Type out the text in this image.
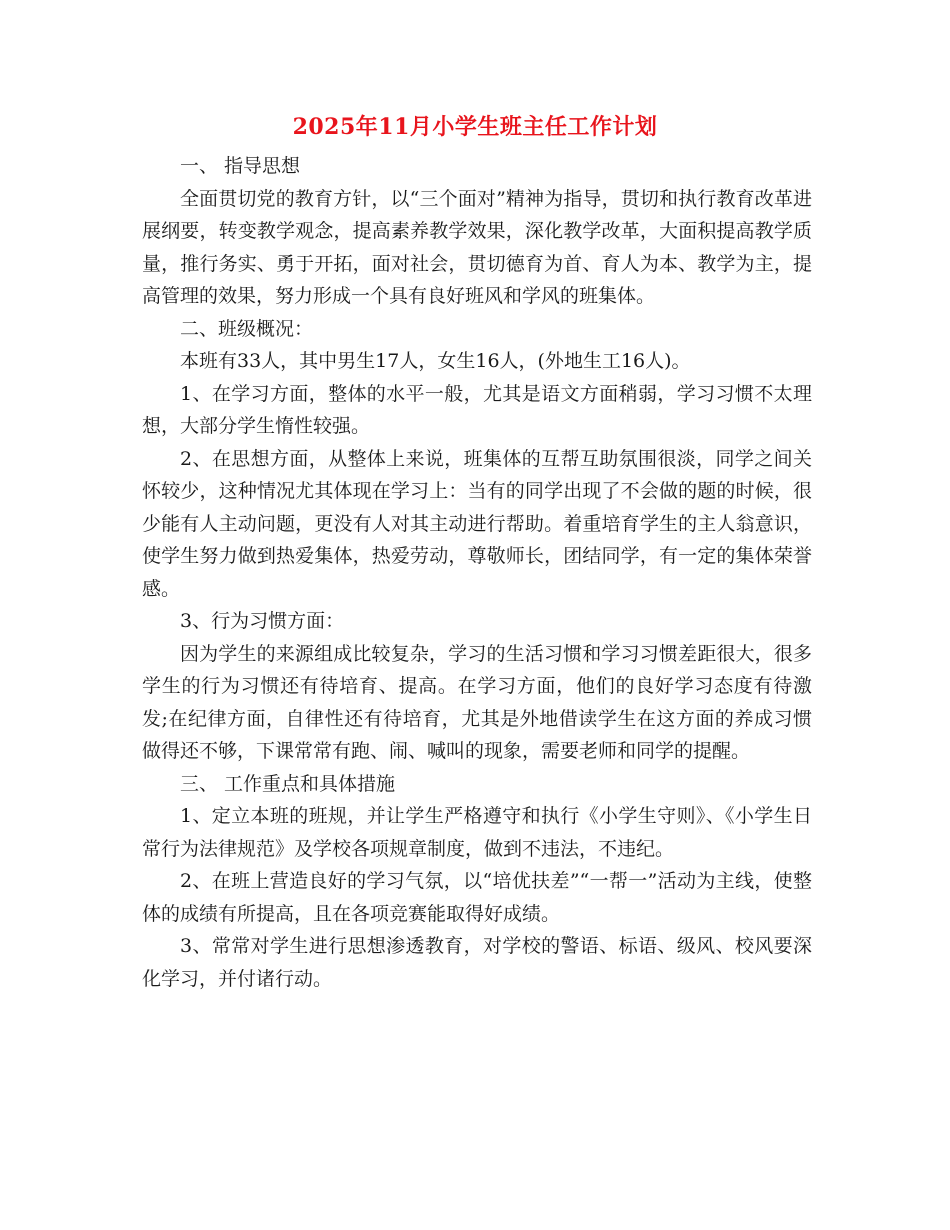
2025年11月小学生班主任工作计划

一、 指导思想

全面贯切党的教育方针，以“三个面对”精神为指导，贯切和执行教育改革进展纲要，转变教学观念，提高素养教学效果，深化教学改革，大面积提高教学质量，推行务实、勇于开拓，面对社会，贯切德育为首、育人为本、教学为主，提高管理的效果，努力形成一个具有良好班风和学风的班集体。

二、班级概况：

本班有33人，其中男生17人，女生16人，(外地生工16人)。

1、在学习方面，整体的水平一般，尤其是语文方面稍弱，学习习惯不太理想，大部分学生惰性较强。

2、在思想方面，从整体上来说，班集体的互帮互助氛围很淡，同学之间关怀较少，这种情况尤其体现在学习上：当有的同学出现了不会做的题的时候，很少能有人主动问题，更没有人对其主动进行帮助。着重培育学生的主人翁意识，使学生努力做到热爱集体，热爱劳动，尊敬师长，团结同学，有一定的集体荣誉感。

3、行为习惯方面：

因为学生的来源组成比较复杂，学习的生活习惯和学习习惯差距很大，很多学生的行为习惯还有待培育、提高。在学习方面，他们的良好学习态度有待激发;在纪律方面，自律性还有待培育，尤其是外地借读学生在这方面的养成习惯做得还不够，下课常常有跑、闹、喊叫的现象，需要老师和同学的提醒。

三、 工作重点和具体措施

1、定立本班的班规，并让学生严格遵守和执行《小学生守则》、《小学生日常行为法律规范》及学校各项规章制度，做到不违法，不违纪。

2、在班上营造良好的学习气氛，以“培优扶差”“一帮一”活动为主线，使整体的成绩有所提高，且在各项竞赛能取得好成绩。

3、常常对学生进行思想渗透教育，对学校的警语、标语、级风、校风要深化学习，并付诸行动。
